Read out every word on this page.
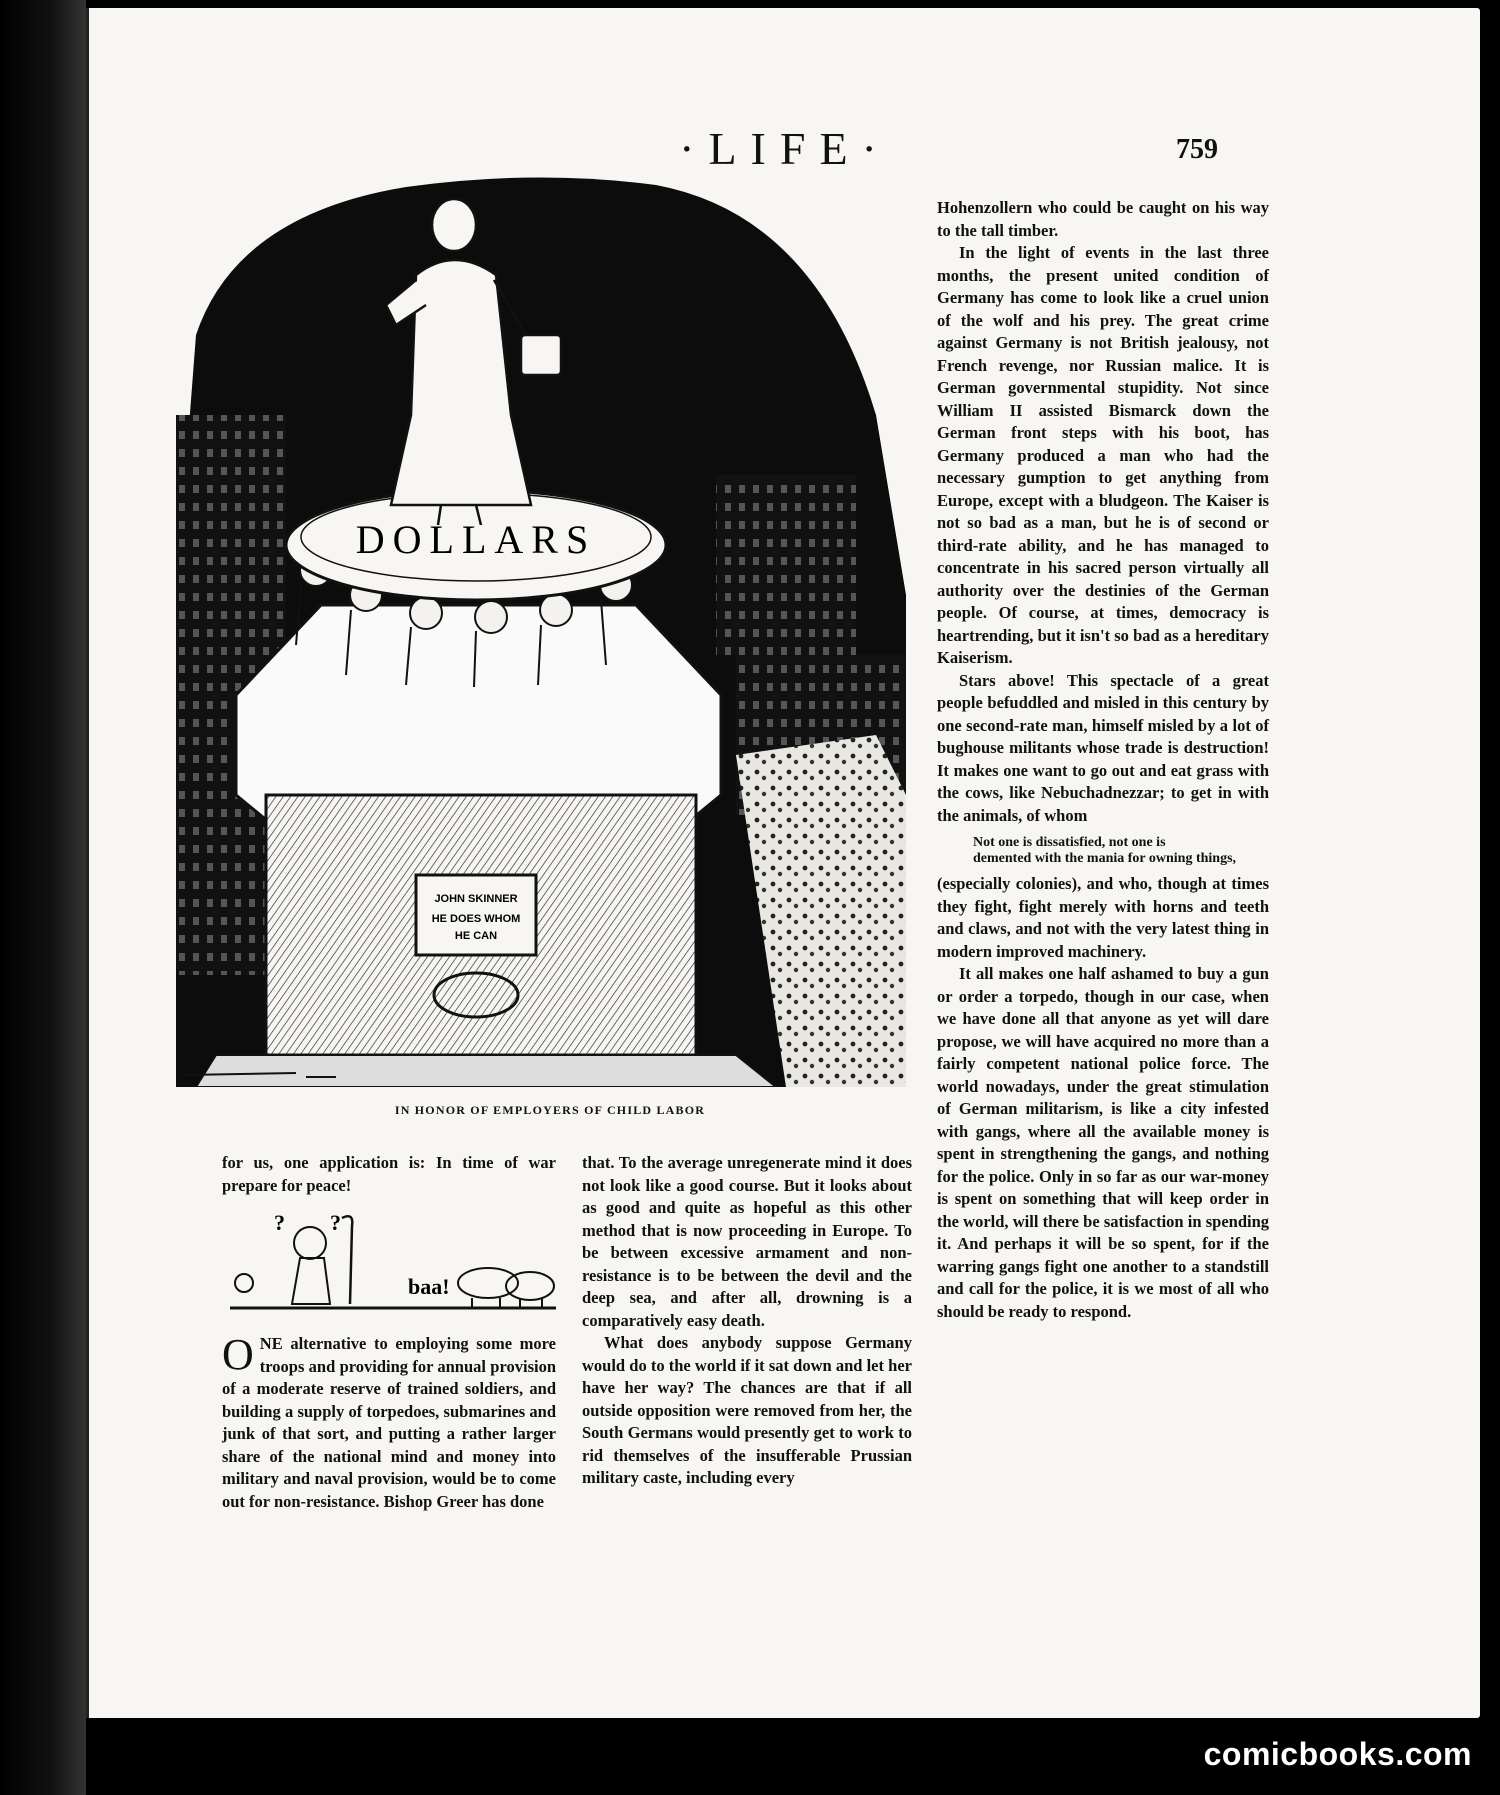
·LIFE·	759
JOHN SKINNER
HE DOES WHOM
HE CAN
DOLLARS
IN HONOR OF EMPLOYERS OF CHILD LABOR

for us, one application is: In time of war prepare for peace!

? ?
baa!

ONE alternative to employing some more troops and providing for annual provision of a moderate reserve of trained soldiers, and building a supply of torpedoes, submarines and junk of that sort, and putting a rather larger share of the national mind and money into military and naval provision, would be to come out for non-resistance. Bishop Greer has done

that. To the average unregenerate mind it does not look like a good course. But it looks about as good and quite as hopeful as this other method that is now proceeding in Europe. To be between excessive armament and non-resistance is to be between the devil and the deep sea, and after all, drowning is a comparatively easy death.

What does anybody suppose Germany would do to the world if it sat down and let her have her way? The chances are that if all outside opposition were removed from her, the South Germans would presently get to work to rid themselves of the insufferable Prussian military caste, including every

Hohenzollern who could be caught on his way to the tall timber.

In the light of events in the last three months, the present united condition of Germany has come to look like a cruel union of the wolf and his prey. The great crime against Germany is not British jealousy, not French revenge, nor Russian malice. It is German governmental stupidity. Not since William II assisted Bismarck down the German front steps with his boot, has Germany produced a man who had the necessary gumption to get anything from Europe, except with a bludgeon. The Kaiser is not so bad as a man, but he is of second or third-rate ability, and he has managed to concentrate in his sacred person virtually all authority over the destinies of the German people. Of course, at times, democracy is heartrending, but it isn't so bad as a hereditary Kaiserism.

Stars above! This spectacle of a great people befuddled and misled in this century by one second-rate man, himself misled by a lot of bughouse militants whose trade is destruction! It makes one want to go out and eat grass with the cows, like Nebuchadnezzar; to get in with the animals, of whom

Not one is dissatisfied, not one is
demented with the mania for owning things,

(especially colonies), and who, though at times they fight, fight merely with horns and teeth and claws, and not with the very latest thing in modern improved machinery.

It all makes one half ashamed to buy a gun or order a torpedo, though in our case, when we have done all that anyone as yet will dare propose, we will have acquired no more than a fairly competent national police force. The world nowadays, under the great stimulation of German militarism, is like a city infested with gangs, where all the available money is spent in strengthening the gangs, and nothing for the police. Only in so far as our war-money is spent on something that will keep order in the world, will there be satisfaction in spending it. And perhaps it will be so spent, for if the warring gangs fight one another to a standstill and call for the police, it is we most of all who should be ready to respond.

comicbooks.com
